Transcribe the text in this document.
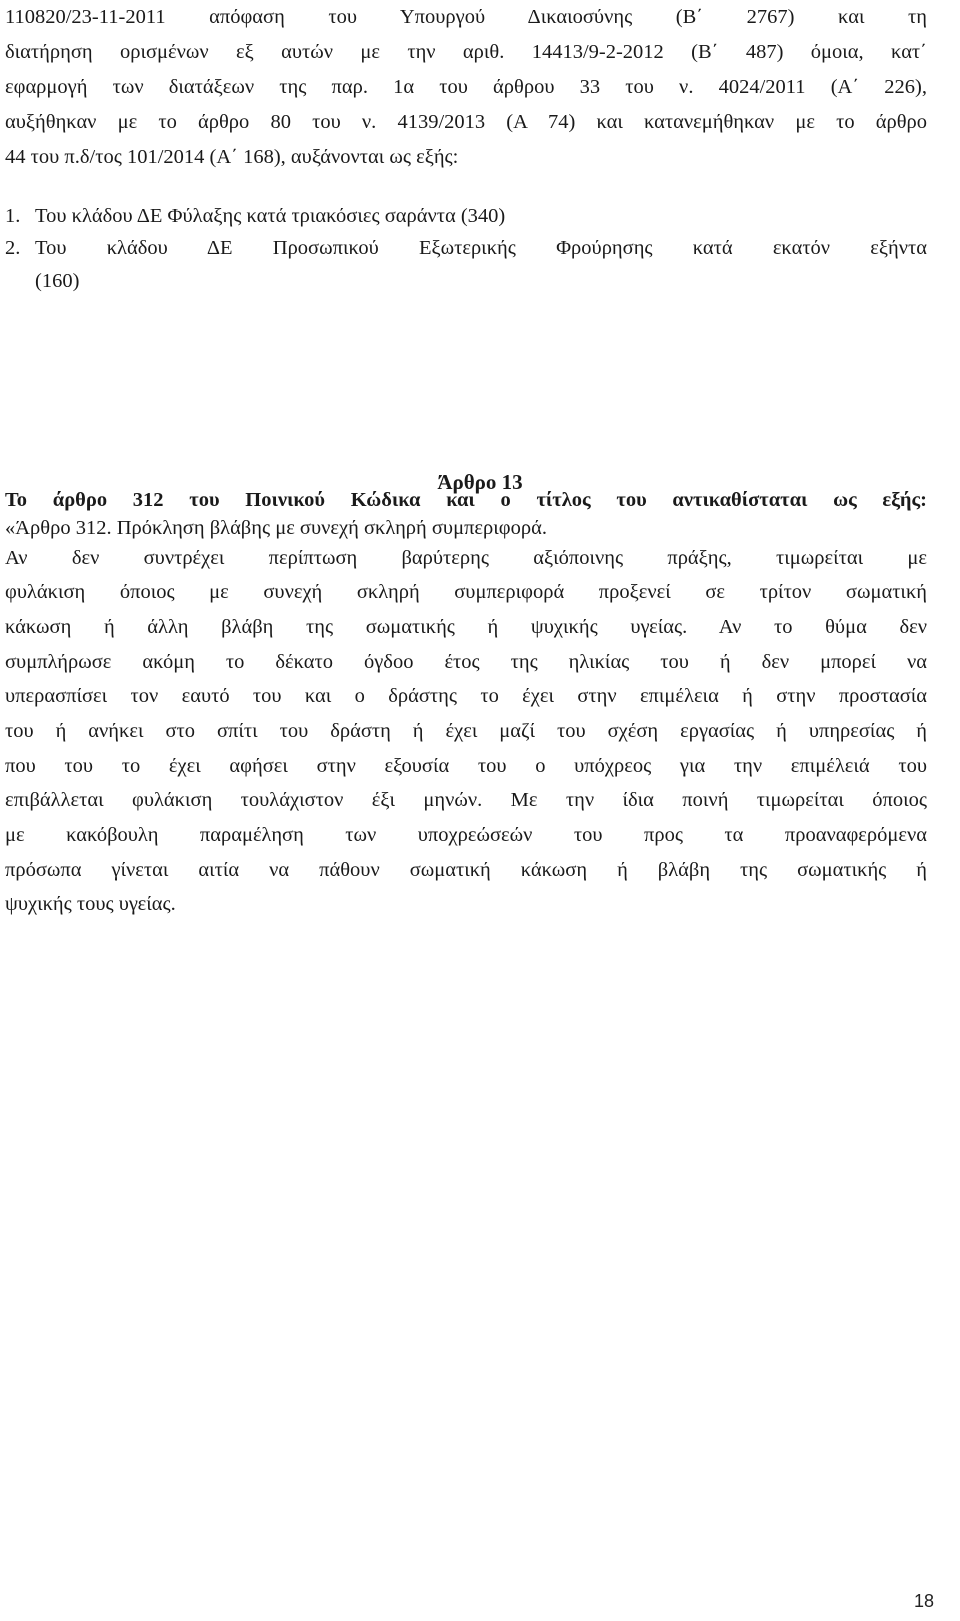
110820/23-11-2011 απόφαση του Υπουργού Δικαιοσύνης (Β΄ 2767) και τη
διατήρηση ορισμένων εξ αυτών με την αριθ. 14413/9-2-2012 (Β΄ 487) όμοια, κατ΄
εφαρμογή των διατάξεων της παρ. 1α του άρθρου 33 του ν. 4024/2011 (Α΄ 226),
αυξήθηκαν με το άρθρο 80 του ν. 4139/2013 (Α 74) και κατανεμήθηκαν με το άρθρο
44 του π.δ/τος 101/2014 (Α΄ 168), αυξάνονται ως εξής:
1. Του κλάδου ΔΕ Φύλαξης κατά τριακόσιες σαράντα (340)
2. Του κλάδου ΔΕ Προσωπικού Εξωτερικής Φρούρησης κατά εκατόν εξήντα
(160)
Άρθρο 13
Το άρθρο 312 του Ποινικού Κώδικα και ο τίτλος του αντικαθίσταται ως εξής:
«Άρθρο 312. Πρόκληση βλάβης με συνεχή σκληρή συμπεριφορά.
Αν δεν συντρέχει περίπτωση βαρύτερης αξιόποινης πράξης, τιμωρείται με
φυλάκιση όποιος με συνεχή σκληρή συμπεριφορά προξενεί σε τρίτον σωματική
κάκωση ή άλλη βλάβη της σωματικής ή ψυχικής υγείας. Αν το θύμα δεν
συμπλήρωσε ακόμη το δέκατο όγδοο έτος της ηλικίας του ή δεν μπορεί να
υπερασπίσει τον εαυτό του και ο δράστης το έχει στην επιμέλεια ή στην προστασία
του ή ανήκει στο σπίτι του δράστη ή έχει μαζί του σχέση εργασίας ή υπηρεσίας ή
που του το έχει αφήσει στην εξουσία του ο υπόχρεος για την επιμέλειά του
επιβάλλεται φυλάκιση τουλάχιστον έξι μηνών. Με την ίδια ποινή τιμωρείται όποιος
με κακόβουλη παραμέληση των υποχρεώσεών του προς τα προαναφερόμενα
πρόσωπα γίνεται αιτία να πάθουν σωματική κάκωση ή βλάβη της σωματικής ή
ψυχικής τους υγείας.
18
